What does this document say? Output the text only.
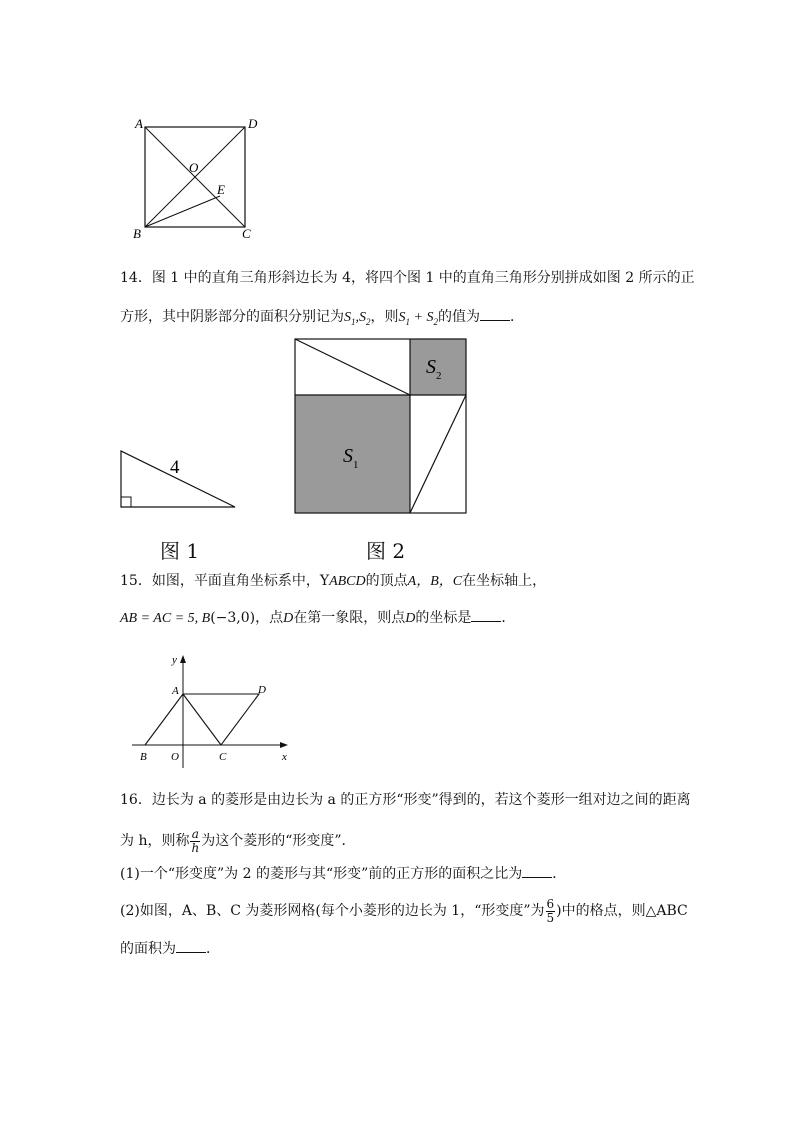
A	D
O
E
B	C
14．图 1 中的直角三角形斜边长为 4，将四个图 1 中的直角三角形分别拼成如图 2 所示的正
方形，其中阴影部分的面积分别记为$S_1,S_2$，则$S_1 + S_2$的值为 ．
4
图 1
$S_2$
$S_1$
图 2
15．如图，平面直角坐标系中，YABCD的顶点A，B，C在坐标轴上，
AB = AC = 5, B(−3,0)，点D在第一象限，则点D的坐标是 ．
y
x
A	D
B O	C
16．边长为 a 的菱形是由边长为 a 的正方形“形变”得到的，若这个菱形一组对边之间的距离
为 h，则称 $\frac{a}{h}$ 为这个菱形的“形变度”．
(1)一个“形变度”为 2 的菱形与其“形变”前的正方形的面积之比为 ．
(2)如图，A、B、C 为菱形网格(每个小菱形的边长为 1，“形变度”为 $\frac{6}{5}$ )中的格点，则△ABC
的面积为 ．
